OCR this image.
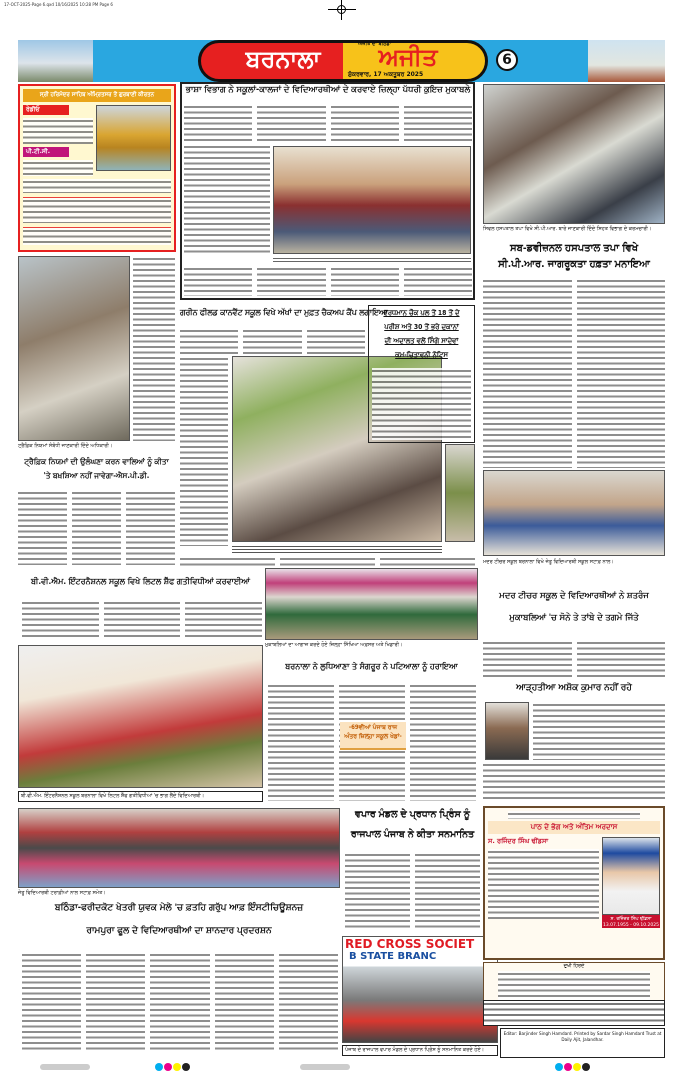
17-OCT-2025-Page 6.qxd 10/16/2025 10:28 PM Page 6
ਬਰਨਾਲਾ	ਅਜੀਤ
ਅਜੀਤ ਦਾ ਬਠਿੰਡਾ
ਸ਼ੁੱਕਰਵਾਰ, 17 ਅਕਤੂਬਰ 2025
6
ਸ੍ਰੀ ਹਰਿਮੰਦਰ ਸਾਹਿਬ ਅੰਮ੍ਰਿਤਸਰ ਤੋਂ ਗੁਰਬਾਣੀ ਕੀਰਤਨ
ਰੇਡੀਓ
ਪੀ.ਟੀ.ਸੀ.
ਟ੍ਰੈਫ਼ਿਕ ਨਿਯਮਾਂ ਸੰਬੰਧੀ ਜਾਣਕਾਰੀ ਦਿੰਦੇ ਅਧਿਕਾਰੀ।
ਟ੍ਰੈਫ਼ਿਕ ਨਿਯਮਾਂ ਦੀ ਉਲੰਘਣਾ ਕਰਨ ਵਾਲਿਆਂ ਨੂੰ ਕੀਤਾ
'ਤੇ ਬਖ਼ਸ਼ਿਆ ਨਹੀਂ ਜਾਵੇਗਾ-ਐਸ.ਪੀ.ਡੀ.
ਭਾਸ਼ਾ ਵਿਭਾਗ ਨੇ ਸਕੂਲਾਂ-ਕਾਲਜਾਂ ਦੇ ਵਿਦਿਆਰਥੀਆਂ ਦੇ ਕਰਵਾਏ ਜ਼ਿਲ੍ਹਾ ਪੱਧਰੀ ਕੁਇਜ਼ ਮੁਕਾਬਲੇ
ਸਿਵਲ ਹਸਪਤਾਲ ਤਪਾ ਵਿਖੇ ਸੀ.ਪੀ.ਆਰ. ਬਾਰੇ ਜਾਣਕਾਰੀ ਦਿੰਦੇ ਸਿਹਤ ਵਿਭਾਗ ਦੇ ਕਰਮਚਾਰੀ।
ਸਬ-ਡਵੀਜ਼ਨਲ ਹਸਪਤਾਲ ਤਪਾ ਵਿਖੇ
ਸੀ.ਪੀ.ਆਰ. ਜਾਗਰੂਕਤਾ ਹਫ਼ਤਾ ਮਨਾਇਆ
ਮਦਰ ਟੀਚਰ ਸਕੂਲ ਬਰਨਾਲਾ ਵਿਖੇ ਜੇਤੂ ਵਿਦਿਆਰਥੀ ਸਕੂਲ ਸਟਾਫ਼ ਨਾਲ।
ਮਦਰ ਟੀਚਰ ਸਕੂਲ ਦੇ ਵਿਦਿਆਰਥੀਆਂ ਨੇ ਸ਼ਤਰੰਜ
ਮੁਕਾਬਲਿਆਂ 'ਚ ਸੋਨੇ ਤੇ ਤਾਂਬੇ ਦੇ ਤਗਮੇ ਜਿੱਤੇ
ਆੜ੍ਹਤੀਆ ਅਸ਼ੋਕ ਕੁਮਾਰ ਨਹੀਂ ਰਹੇ
ਗਰੀਨ ਫੀਲਡ ਕਾਨਵੈਂਟ ਸਕੂਲ ਵਿਖੇ ਅੱਖਾਂ ਦਾ ਮੁਫ਼ਤ ਚੈਕਅਪ ਕੈਂਪ ਲਗਾਇਆ
ਵਰਧਮਾਨ ਚੌਕ ਪੁਲ ਤੋਂ 18 ਤੋਂ ਦੇ
ਪਰੀਸ਼ ਅਤੇ 30 ਤੋਂ ਭਰੇ ਦੁਕਾਨਾਂ
ਦੀ ਅਦਾਲਤ ਵਲੋਂ ਸਿੰਗੇ ਸਾਦੇਵਾਂ
ਕਮ-ਚਿਤਾਵਨੀ ਨੋਟਿਸ
ਬੀ.ਵੀ.ਐਮ. ਇੰਟਰਨੈਸ਼ਨਲ ਸਕੂਲ ਵਿਖੇ ਲਿਟਲ ਸ਼ੈੱਫ ਗਤੀਵਿਧੀਆਂ ਕਰਵਾਈਆਂ
ਬੀ.ਵੀ.ਐਮ. ਇੰਟਰਨੈਸ਼ਨਲ ਸਕੂਲ ਬਰਨਾਲਾ ਵਿਖੇ ਲਿਟਲ ਸ਼ੈੱਫ ਗਤੀਵਿਧੀਆਂ 'ਚ ਭਾਗ ਲੈਂਦੇ ਵਿਦਿਆਰਥੀ।
ਮੁਕਾਬਲਿਆਂ ਦਾ ਆਗਾਜ਼ ਕਰਦੇ ਹੋਏ ਜ਼ਿਲ੍ਹਾ ਸਿੱਖਿਆ ਅਫ਼ਸਰ ਅਤੇ ਖਿਡਾਰੀ।
ਬਰਨਾਲਾ ਨੇ ਲੁਧਿਆਣਾ ਤੇ ਸੰਗਰੂਰ ਨੇ ਪਟਿਆਲਾ ਨੂੰ ਹਰਾਇਆ
-69ਵੀਆਂ ਪੰਜਾਬ ਰਾਜ
ਅੰਤਰ ਜ਼ਿਲ੍ਹਾ ਸਕੂਲ ਖੇਡਾਂ-
ਜੇਤੂ ਵਿਦਿਆਰਥੀ ਟਰਾਫ਼ੀਆਂ ਨਾਲ ਸਟਾਫ਼ ਸਮੇਤ।
ਬਠਿੰਡਾ-ਫਰੀਦਕੋਟ ਖੇਤਰੀ ਯੁਵਕ ਮੇਲੇ 'ਚ ਫ਼ਤਹਿ ਗਰੁੱਪ ਆਫ਼ ਇੰਸਟੀਚਿਊਸ਼ਨਜ਼
ਰਾਮਪੁਰਾ ਫੂਲ ਦੇ ਵਿਦਿਆਰਥੀਆਂ ਦਾ ਸ਼ਾਨਦਾਰ ਪ੍ਰਦਰਸ਼ਨ
ਵਪਾਰ ਮੰਡਲ ਦੇ ਪ੍ਰਧਾਨ ਪ੍ਰਿੰਸ ਨੂੰ
ਰਾਜਪਾਲ ਪੰਜਾਬ ਨੇ ਕੀਤਾ ਸਨਮਾਨਿਤ
RED CROSS SOCIET
B STATE BRANC
ਪੰਜਾਬ ਦੇ ਰਾਜਪਾਲ ਵਪਾਰ ਮੰਡਲ ਦੇ ਪ੍ਰਧਾਨ ਪ੍ਰਿੰਸ ਨੂੰ ਸਨਮਾਨਿਤ ਕਰਦੇ ਹੋਏ।
ਪਾਠ ਦੇ ਭੋਗ ਅਤੇ ਅੰਤਿਮ ਅਰਦਾਸ
ਸ. ਰਜਿੰਦਰ ਸਿੰਘ ਢੀਂਡਸਾ
ਸ. ਰਜਿੰਦਰ ਸਿੰਘ ਢੀਂਡਸਾ
13.07.1955 - 09.10.2025
ਦੁਖੀ ਹਿਰਦੇ
Editor: Barjinder Singh Hamdard. Printed by Sardar Singh Hamdard Trust at Daily Ajit, Jalandhar.
